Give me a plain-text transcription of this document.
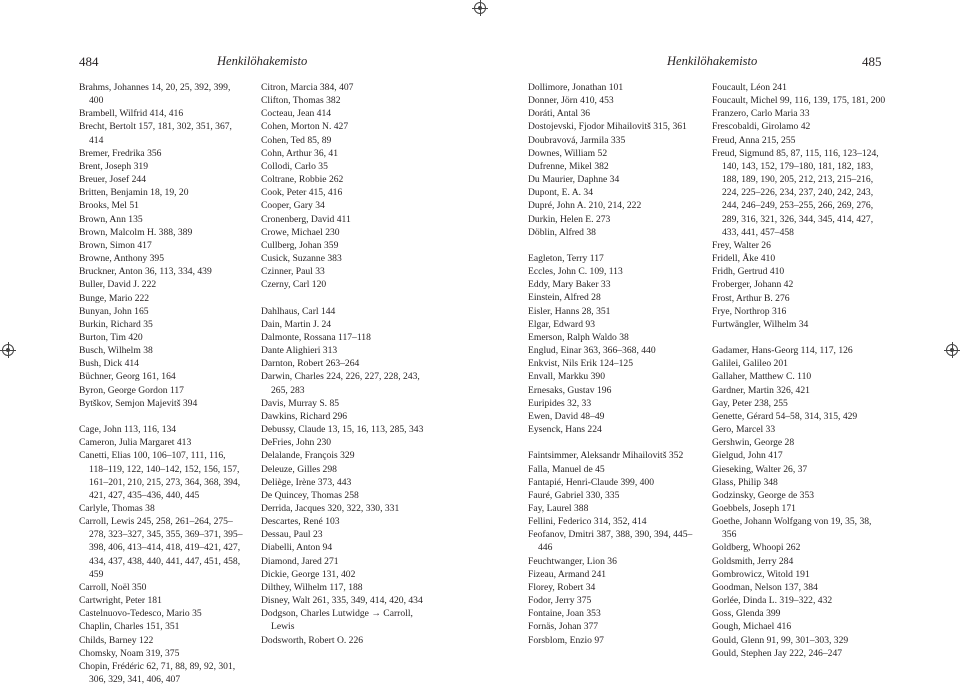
484	Henkilöhakemisto	Henkilöhakemisto	485
Brahms, Johannes 14, 20, 25, 392, 399, 400
Brambell, Wilfrid 414, 416
Brecht, Bertolt 157, 181, 302, 351, 367, 414
Bremer, Fredrika 356
Brent, Joseph 319
Breuer, Josef 244
Britten, Benjamin 18, 19, 20
Brooks, Mel 51
Brown, Ann 135
Brown, Malcolm H. 388, 389
Brown, Simon 417
Browne, Anthony 395
Bruckner, Anton 36, 113, 334, 439
Buller, David J. 222
Bunge, Mario 222
Bunyan, John 165
Burkin, Richard 35
Burton, Tim 420
Busch, Wilhelm 38
Bush, Dick 414
Büchner, Georg 161, 164
Byron, George Gordon 117
Bytškov, Semjon Majevitš 394
Cage, John 113, 116, 134
Cameron, Julia Margaret 413
Canetti, Elias 100, 106–107, 111, 116, 118–119, 122, 140–142, 152, 156, 157, 161–201, 210, 215, 273, 364, 368, 394, 421, 427, 435–436, 440, 445
Carlyle, Thomas 38
Carroll, Lewis 245, 258, 261–264, 275–278, 323–327, 345, 355, 369–371, 395–398, 406, 413–414, 418, 419–421, 427, 434, 437, 438, 440, 441, 447, 451, 458, 459
Carroll, Noël 350
Cartwright, Peter 181
Castelnuovo-Tedesco, Mario 35
Chaplin, Charles 151, 351
Childs, Barney 122
Chomsky, Noam 319, 375
Chopin, Frédéric 62, 71, 88, 89, 92, 301, 306, 329, 341, 406, 407
Citron, Marcia 384, 407
Clifton, Thomas 382
Cocteau, Jean 414
Cohen, Morton N. 427
Cohen, Ted 85, 89
Cohn, Arthur 36, 41
Collodi, Carlo 35
Coltrane, Robbie 262
Cook, Peter 415, 416
Cooper, Gary 34
Cronenberg, David 411
Crowe, Michael 230
Cullberg, Johan 359
Cusick, Suzanne 383
Czinner, Paul 33
Czerny, Carl 120
Dahlhaus, Carl 144
Dain, Martin J. 24
Dalmonte, Rossana 117–118
Dante Alighieri 313
Darnton, Robert 263–264
Darwin, Charles 224, 226, 227, 228, 243, 265, 283
Davis, Murray S. 85
Dawkins, Richard 296
Debussy, Claude 13, 15, 16, 113, 285, 343
DeFries, John 230
Delalande, François 329
Deleuze, Gilles 298
Deliège, Irène 373, 443
De Quincey, Thomas 258
Derrida, Jacques 320, 322, 330, 331
Descartes, René 103
Dessau, Paul 23
Diabelli, Anton 94
Diamond, Jared 271
Dickie, George 131, 402
Dilthey, Wilhelm 117, 188
Disney, Walt 261, 335, 349, 414, 420, 434
Dodgson, Charles Lutwidge → Carroll, Lewis
Dodsworth, Robert O. 226
Dollimore, Jonathan 101
Donner, Jörn 410, 453
Doráti, Antal 36
Dostojevski, Fjodor Mihailovitš 315, 361
Doubravová, Jarmila 335
Downes, William 52
Dufrenne, Mikel 382
Du Maurier, Daphne 34
Dupont, E. A. 34
Dupré, John A. 210, 214, 222
Durkin, Helen E. 273
Döblin, Alfred 38
Eagleton, Terry 117
Eccles, John C. 109, 113
Eddy, Mary Baker 33
Einstein, Alfred 28
Eisler, Hanns 28, 351
Elgar, Edward 93
Emerson, Ralph Waldo 38
Englud, Einar 363, 366–368, 440
Enkvist, Nils Erik 124–125
Envall, Markku 390
Ernesaks, Gustav 196
Euripides 32, 33
Ewen, David 48–49
Eysenck, Hans 224
Faintsimmer, Aleksandr Mihailovitš 352
Falla, Manuel de 45
Fantapié, Henri-Claude 399, 400
Fauré, Gabriel 330, 335
Fay, Laurel 388
Fellini, Federico 314, 352, 414
Feofanov, Dmitri 387, 388, 390, 394, 445–446
Feuchtwanger, Lion 36
Fizeau, Armand 241
Florey, Robert 34
Fodor, Jerry 375
Fontaine, Joan 353
Fornäs, Johan 377
Forsblom, Enzio 97
Foucault, Léon 241
Foucault, Michel 99, 116, 139, 175, 181, 200
Franzero, Carlo Maria 33
Frescobaldi, Girolamo 42
Freud, Anna 215, 255
Freud, Sigmund 85, 87, 115, 116, 123–124, 140, 143, 152, 179–180, 181, 182, 183, 188, 189, 190, 205, 212, 213, 215–216, 224, 225–226, 234, 237, 240, 242, 243, 244, 246–249, 253–255, 266, 269, 276, 289, 316, 321, 326, 344, 345, 414, 427, 433, 441, 457–458
Frey, Walter 26
Fridell, Åke 410
Fridh, Gertrud 410
Froberger, Johann 42
Frost, Arthur B. 276
Frye, Northrop 316
Furtwängler, Wilhelm 34
Gadamer, Hans-Georg 114, 117, 126
Galilei, Galileo 201
Gallaher, Matthew C. 110
Gardner, Martin 326, 421
Gay, Peter 238, 255
Genette, Gérard 54–58, 314, 315, 429
Gero, Marcel 33
Gershwin, George 28
Gielgud, John 417
Gieseking, Walter 26, 37
Glass, Philip 348
Godzinsky, George de 353
Goebbels, Joseph 171
Goethe, Johann Wolfgang von 19, 35, 38, 356
Goldberg, Whoopi 262
Goldsmith, Jerry 284
Gombrowicz, Witold 191
Goodman, Nelson 137, 384
Gorlée, Dinda L. 319–322, 432
Goss, Glenda 399
Gough, Michael 416
Gould, Glenn 91, 99, 301–303, 329
Gould, Stephen Jay 222, 246–247
